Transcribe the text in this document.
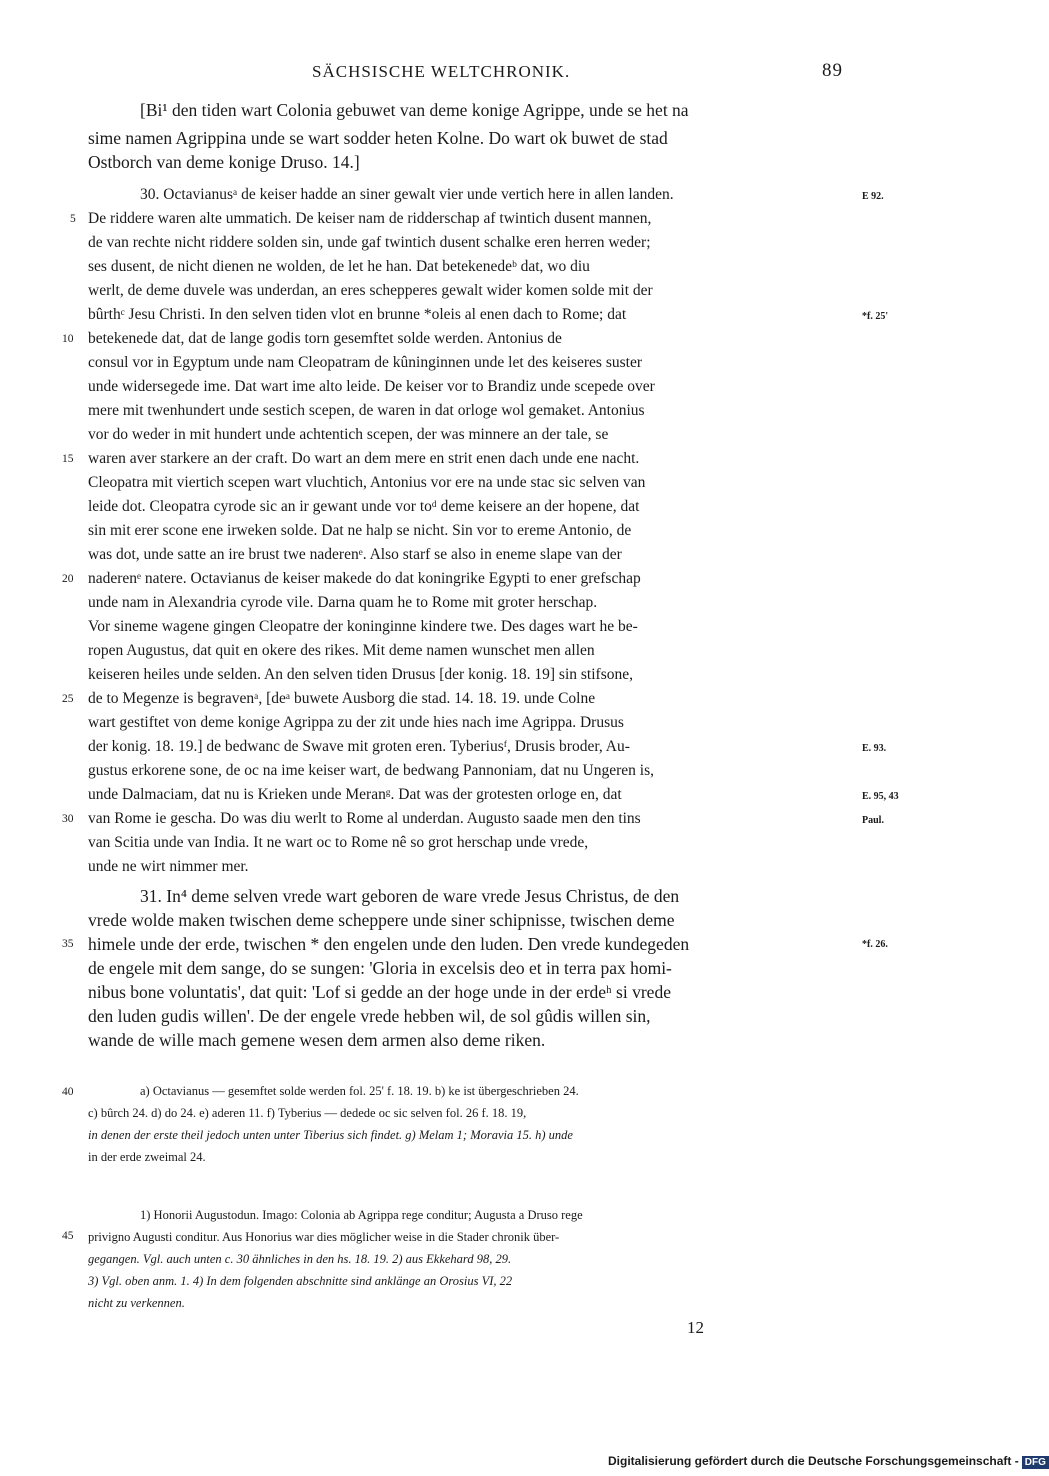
SÄCHSISCHE WELTCHRONIK.	89
[Bi¹ den tiden wart Colonia gebuwet van deme konige Agrippe, unde se het na
sime namen Agrippina unde se wart sodder heten Kolne. Do wart ok buwet de stad
Ostborch van deme konige Druso. 14.]
30. Octavianusᵃ de keiser hadde an siner gewalt vier unde vertich here in allen landen.
De riddere waren alte ummatich. De keiser nam de ridderschap af twintich dusent mannen,
de van rechte nicht riddere solden sin, unde gaf twintich dusent schalke eren herren weder;
ses dusent, de nicht dienen ne wolden, de let he han. Dat betekenedeᵇ dat, wo diu
werlt, de deme duvele was underdan, an eres schepperes gewalt wider komen solde mit der
bûrthᶜ Jesu Christi. In den selven tiden vlot en brunne *oleis al enen dach to Rome; dat
betekenede dat, dat de lange godis torn gesemftet solde werden. Antonius de
consul vor in Egyptum unde nam Cleopatram de kûninginnen unde let des keiseres suster
unde widersegede ime. Dat wart ime alto leide. De keiser vor to Brandiz unde scepede over
mere mit twenhundert unde sestich scepen, de waren in dat orloge wol gemaket. Antonius
vor do weder in mit hundert unde achtentich scepen, der was minnere an der tale, se
waren aver starkere an der craft. Do wart an dem mere en strit enen dach unde ene nacht.
Cleopatra mit viertich scepen wart vluchtich, Antonius vor ere na unde stac sic selven van
leide dot. Cleopatra cyrode sic an ir gewant unde vor toᵈ deme keisere an der hopene, dat
sin mit erer scone ene irweken solde. Dat ne halp se nicht. Sin vor to ereme Antonio, de
was dot, unde satte an ire brust twe naderenᵉ. Also starf se also in eneme slape van der
naderenᵉ natere. Octavianus de keiser makede do dat koningrike Egypti to ener grefschap
unde nam in Alexandria cyrode vile. Darna quam he to Rome mit groter herschap.
Vor sineme wagene gingen Cleopatre der koninginne kindere twe. Des dages wart he be-
ropen Augustus, dat quit en okere des rikes. Mit deme namen wunschet men allen
keiseren heiles unde selden. An den selven tiden Drusus [der konig. 18. 19] sin stifsone,
de to Megenze is begravenᵃ, [deᵃ buwete Ausborg die stad. 14. 18. 19. unde Colne
wart gestiftet von deme konige Agrippa zu der zit unde hies nach ime Agrippa. Drusus
der konig. 18. 19.] de bedwanc de Swave mit groten eren. Tyberiusᶠ, Drusis broder, Au-
gustus erkorene sone, de oc na ime keiser wart, de bedwang Pannoniam, dat nu Ungeren is,
unde Dalmaciam, dat nu is Krieken unde Meranᵍ. Dat was der grotesten orloge en, dat
van Rome ie gescha. Do was diu werlt to Rome al underdan. Augusto saade men den tins
van Scitia unde van India. It ne wart oc to Rome nê so grot herschap unde vrede,
unde ne wirt nimmer mer.
31. In⁴ deme selven vrede wart geboren de ware vrede Jesus Christus, de den
vrede wolde maken twischen deme scheppere unde siner schipnisse, twischen deme
himele unde der erde, twischen * den engelen unde den luden. Den vrede kundegeden
de engele mit dem sange, do se sungen: 'Gloria in excelsis deo et in terra pax homi-
nibus bone voluntatis', dat quit: 'Lof si gedde an der hoge unde in der erdeʰ si vrede
den luden gudis willen'. De der engele vrede hebben wil, de sol gûdis willen sin,
wande de wille mach gemene wesen dem armen also deme riken.
5
10
15
20
25
30
35
40
45
E 92.
*f. 25'
E. 93.
E. 95, 43
Paul.
*f. 26.
a) Octavianus — gesemftet solde werden fol. 25' f. 18. 19. b) ke ist übergeschrieben 24.
c) bûrch 24. d) do 24. e) aderen 11. f) Tyberius — dedede oc sic selven fol. 26 f. 18. 19,
in denen der erste theil jedoch unten unter Tiberius sich findet. g) Melam 1; Moravia 15. h) unde
in der erde zweimal 24.
1) Honorii Augustodun. Imago: Colonia ab Agrippa rege conditur; Augusta a Druso rege
privigno Augusti conditur. Aus Honorius war dies möglicher weise in die Stader chronik über-
gegangen. Vgl. auch unten c. 30 ähnliches in den hs. 18. 19. 2) aus Ekkehard 98, 29.
3) Vgl. oben anm. 1. 4) In dem folgenden abschnitte sind anklänge an Orosius VI, 22
nicht zu verkennen.
12
Digitalisierung gefördert durch die Deutsche Forschungsgemeinschaft - DFG
